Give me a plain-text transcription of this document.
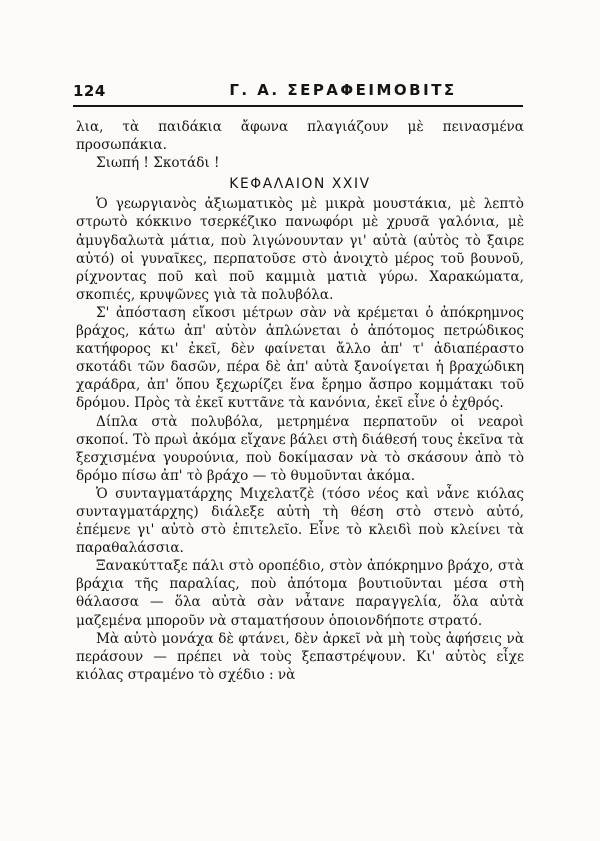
124	Γ. Α. ΣΕΡΑΦΕΙΜΟΒΙΤΣ

λια, τὰ παιδάκια ἄφωνα πλαγιάζουν μὲ πεινασμένα προσωπάκια.

Σιωπή ! Σκοτάδι !

ΚΕΦΑΛΑΙΟΝ XXIV

Ὁ γεωργιανὸς ἀξιωματικὸς μὲ μικρὰ μουστάκια, μὲ λεπτὸ στρωτὸ κόκκινο τσερκέζικο πανωφόρι μὲ χρυσᾶ γαλόνια, μὲ ἀμυγδαλωτὰ μάτια, ποὺ λιγώνουνταν γι' αὐτὰ (αὐτὸς τὸ ξαιρε αὐτό) οἱ γυναῖκες, περπατοῦσε στὸ ἀνοιχτὸ μέρος τοῦ βουνοῦ, ρίχνοντας ποῦ καὶ ποῦ καμμιὰ ματιὰ γύρω. Χαρακώματα, σκοπιές, κρυψῶνες γιὰ τὰ πολυβόλα.

Σ' ἀπόσταση εἴκοσι μέτρων σὰν νὰ κρέμεται ὁ ἀπόκρημνος βράχος, κάτω ἀπ' αὐτὸν ἁπλώνεται ὁ ἀπότομος πετρώδικος κατήφορος κι' ἐκεῖ, δὲν φαίνεται ἄλλο ἀπ' τ' ἀδιαπέραστο σκοτάδι τῶν δασῶν, πέρα δὲ ἀπ' αὐτὰ ξανοίγεται ἡ βραχώδικη χαράδρα, ἀπ' ὅπου ξεχωρίζει ἕνα ἔρημο ἄσπρο κομμάτακι τοῦ δρόμου. Πρὸς τὰ ἐκεῖ κυττᾶνε τὰ κανόνια, ἐκεῖ εἶνε ὁ ἐχθρός.

Δίπλα στὰ πολυβόλα, μετρημένα περπατοῦν οἱ νεαροὶ σκοποί. Τὸ πρωὶ ἀκόμα εἴχανε βάλει στὴ διάθεσή τους ἐκεῖνα τὰ ξεσχισμένα γουρούνια, ποὺ δοκίμασαν νὰ τὸ σκάσουν ἀπὸ τὸ δρόμο πίσω ἀπ' τὸ βράχο — τὸ θυμοῦνται ἀκόμα.

Ὁ συνταγματάρχης Μιχελατζὲ (τόσο νέος καὶ νἆνε κιόλας συνταγματάρχης) διάλεξε αὐτὴ τὴ θέση στὸ στενὸ αὐτό, ἐπέμενε γι' αὐτὸ στὸ ἐπιτελεῖο. Εἶνε τὸ κλειδὶ ποὺ κλείνει τὰ παραθαλάσσια.

Ξανακύτταξε πάλι στὸ οροπέδιο, στὸν ἀπόκρημνο βράχο, στὰ βράχια τῆς παραλίας, ποὺ ἀπότομα βουτιοῦνται μέσα στὴ θάλασσα — ὅλα αὐτὰ σὰν νἆτανε παραγγελία, ὅλα αὐτὰ μαζεμένα μποροῦν νὰ σταματήσουν ὁποιονδήποτε στρατό.

Μὰ αὐτὸ μονάχα δὲ φτάνει, δὲν ἀρκεῖ νὰ μὴ τοὺς ἀφήσεις νὰ περάσουν — πρέπει νὰ τοὺς ξεπαστρέψουν. Κι' αὐτὸς εἶχε κιόλας στραμένο τὸ σχέδιο : νὰ
